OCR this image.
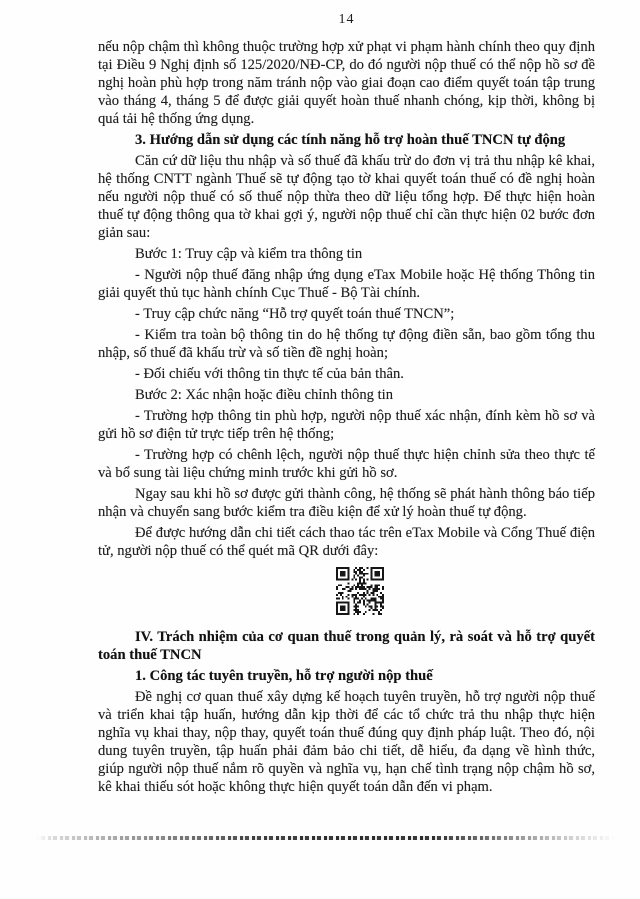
14

nếu nộp chậm thì không thuộc trường hợp xử phạt vi phạm hành chính theo quy định tại Điều 9 Nghị định số 125/2020/NĐ-CP, do đó người nộp thuế có thể nộp hồ sơ đề nghị hoàn phù hợp trong năm tránh nộp vào giai đoạn cao điểm quyết toán tập trung vào tháng 4, tháng 5 để được giải quyết hoàn thuế nhanh chóng, kịp thời, không bị quá tải hệ thống ứng dụng.

3. Hướng dẫn sử dụng các tính năng hỗ trợ hoàn thuế TNCN tự động

Căn cứ dữ liệu thu nhập và số thuế đã khấu trừ do đơn vị trả thu nhập kê khai, hệ thống CNTT ngành Thuế sẽ tự động tạo tờ khai quyết toán thuế có đề nghị hoàn nếu người nộp thuế có số thuế nộp thừa theo dữ liệu tổng hợp. Để thực hiện hoàn thuế tự động thông qua tờ khai gợi ý, người nộp thuế chỉ cần thực hiện 02 bước đơn giản sau:

Bước 1: Truy cập và kiểm tra thông tin

- Người nộp thuế đăng nhập ứng dụng eTax Mobile hoặc Hệ thống Thông tin giải quyết thủ tục hành chính Cục Thuế - Bộ Tài chính.

- Truy cập chức năng “Hỗ trợ quyết toán thuế TNCN”;

- Kiểm tra toàn bộ thông tin do hệ thống tự động điền sẵn, bao gồm tổng thu nhập, số thuế đã khấu trừ và số tiền đề nghị hoàn;

- Đối chiếu với thông tin thực tế của bản thân.

Bước 2: Xác nhận hoặc điều chỉnh thông tin

- Trường hợp thông tin phù hợp, người nộp thuế xác nhận, đính kèm hồ sơ và gửi hồ sơ điện tử trực tiếp trên hệ thống;

- Trường hợp có chênh lệch, người nộp thuế thực hiện chỉnh sửa theo thực tế và bổ sung tài liệu chứng minh trước khi gửi hồ sơ.

Ngay sau khi hồ sơ được gửi thành công, hệ thống sẽ phát hành thông báo tiếp nhận và chuyển sang bước kiểm tra điều kiện để xử lý hoàn thuế tự động.

Để được hướng dẫn chi tiết cách thao tác trên eTax Mobile và Cổng Thuế điện tử, người nộp thuế có thể quét mã QR dưới đây:

IV. Trách nhiệm của cơ quan thuế trong quản lý, rà soát và hỗ trợ quyết toán thuế TNCN

1. Công tác tuyên truyền, hỗ trợ người nộp thuế

Đề nghị cơ quan thuế xây dựng kế hoạch tuyên truyền, hỗ trợ người nộp thuế và triển khai tập huấn, hướng dẫn kịp thời để các tổ chức trả thu nhập thực hiện nghĩa vụ khai thay, nộp thay, quyết toán thuế đúng quy định pháp luật. Theo đó, nội dung tuyên truyền, tập huấn phải đảm bảo chi tiết, dễ hiểu, đa dạng về hình thức, giúp người nộp thuế nắm rõ quyền và nghĩa vụ, hạn chế tình trạng nộp chậm hồ sơ, kê khai thiếu sót hoặc không thực hiện quyết toán dẫn đến vi phạm.
